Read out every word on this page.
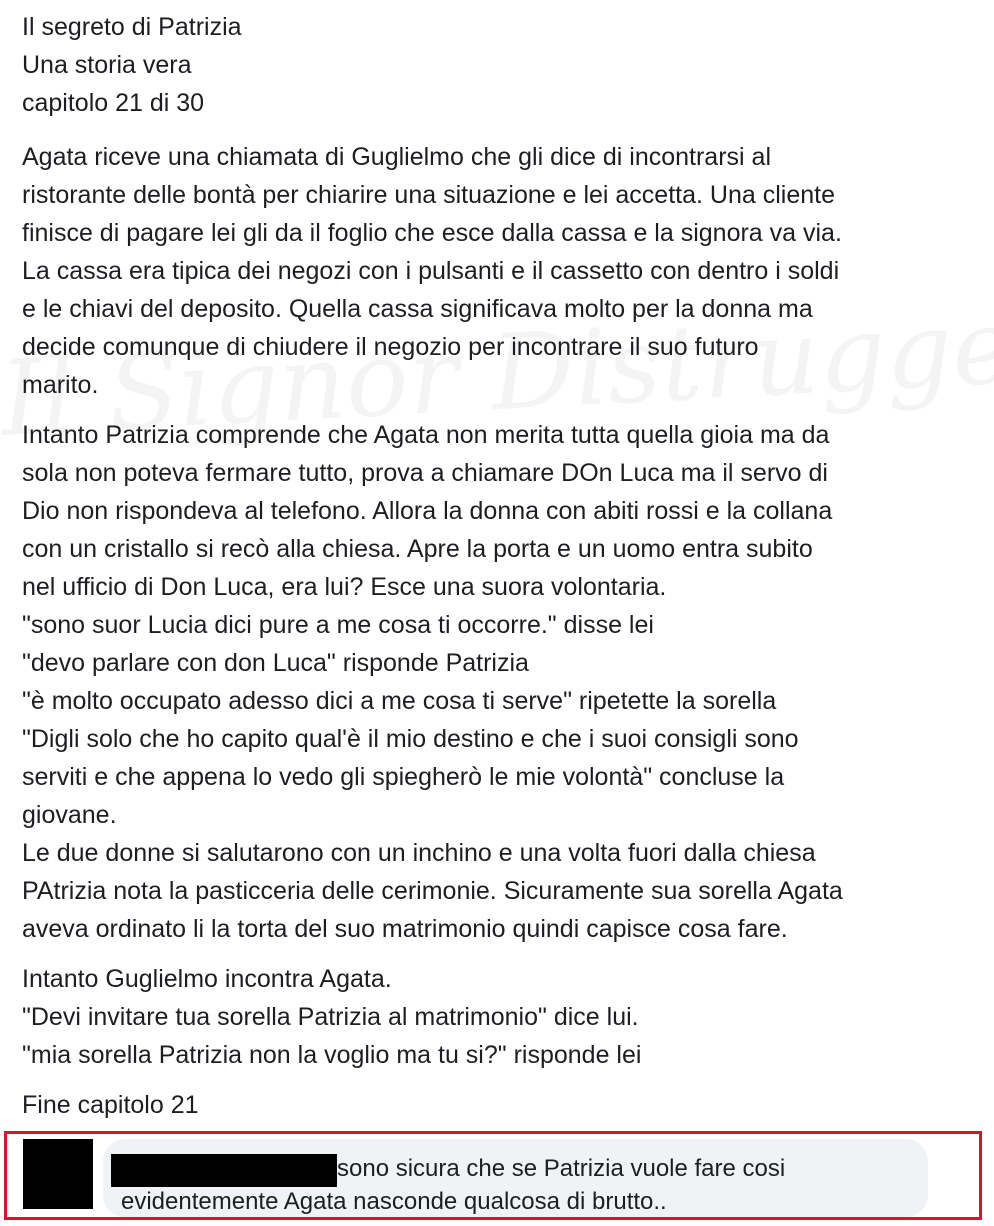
Il segreto di Patrizia
Una storia vera
capitolo 21 di 30
Agata riceve una chiamata di Guglielmo che gli dice di incontrarsi al
ristorante delle bontà per chiarire una situazione e lei accetta. Una cliente
finisce di pagare lei gli da il foglio che esce dalla cassa e la signora va via.
La cassa era tipica dei negozi con i pulsanti e il cassetto con dentro i soldi
e le chiavi del deposito. Quella cassa significava molto per la donna ma
decide comunque di chiudere il negozio per incontrare il suo futuro
marito.
Intanto Patrizia comprende che Agata non merita tutta quella gioia ma da
sola non poteva fermare tutto, prova a chiamare DOn Luca ma il servo di
Dio non rispondeva al telefono. Allora la donna con abiti rossi e la collana
con un cristallo si recò alla chiesa. Apre la porta e un uomo entra subito
nel ufficio di Don Luca, era lui? Esce una suora volontaria.
"sono suor Lucia dici pure a me cosa ti occorre." disse lei
"devo parlare con don Luca" risponde Patrizia
"è molto occupato adesso dici a me cosa ti serve" ripetette la sorella
"Digli solo che ho capito qual'è il mio destino e che i suoi consigli sono
serviti e che appena lo vedo gli spiegherò le mie volontà" concluse la
giovane.
Le due donne si salutarono con un inchino e una volta fuori dalla chiesa
PAtrizia nota la pasticceria delle cerimonie. Sicuramente sua sorella Agata
aveva ordinato li la torta del suo matrimonio quindi capisce cosa fare.
Intanto Guglielmo incontra Agata.
"Devi invitare tua sorella Patrizia al matrimonio" dice lui.
"mia sorella Patrizia non la voglio ma tu si?" risponde lei
Fine capitolo 21
sono sicura che se Patrizia vuole fare cosi
evidentemente Agata nasconde qualcosa di brutto..
